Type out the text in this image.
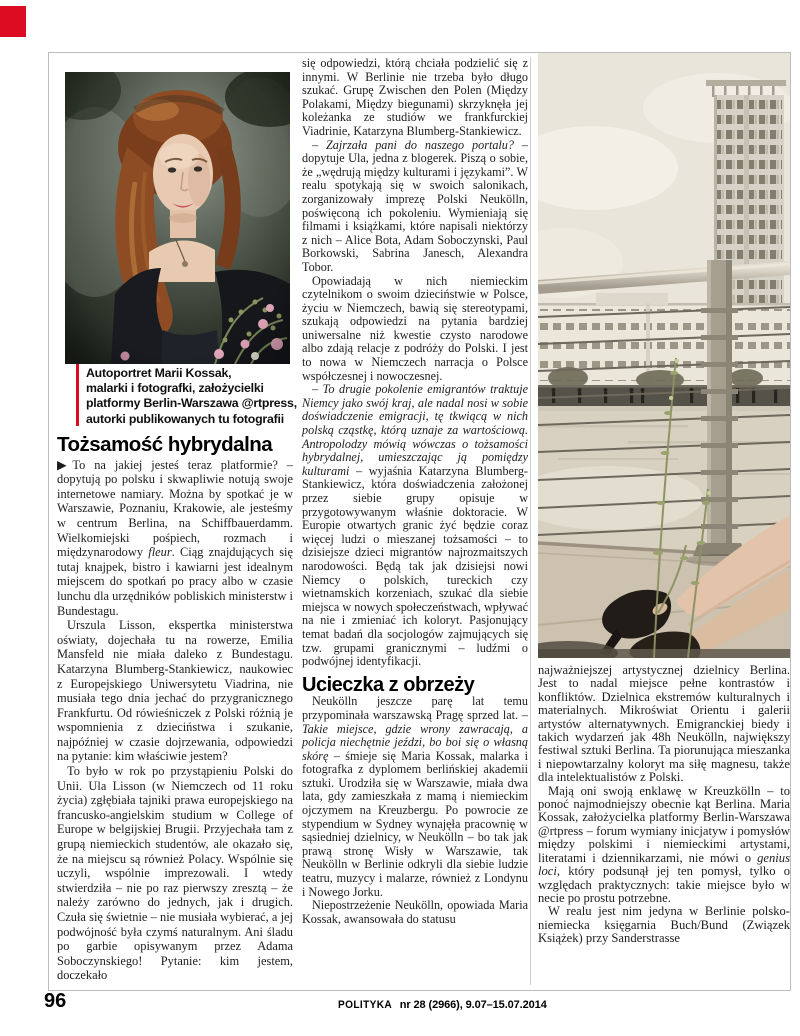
Autoportret Marii Kossak,
malarki i fotografki, założycielki
platformy Berlin-Warszawa @rtpress,
autorki publikowanych tu fotografii
Tożsamość hybrydalna

▶To na jakiej jesteś teraz platformie? – dopytują po polsku i skwapliwie notują swoje internetowe namiary. Można by spotkać je w Warszawie, Poznaniu, Krakowie, ale jesteśmy w centrum Berlina, na Schiffbauerdamm. Wielkomiejski pośpiech, rozmach i międzynarodowy fleur. Ciąg znajdujących się tutaj knajpek, bistro i kawiarni jest idealnym miejscem do spotkań po pracy albo w czasie lunchu dla urzędników pobliskich ministerstw i Bundestagu.

Urszula Lisson, ekspertka ministerstwa oświaty, dojechała tu na rowerze, Emilia Mansfeld nie miała daleko z Bundestagu. Katarzyna Blumberg-Stankiewicz, naukowiec z Europejskiego Uniwersytetu Viadrina, nie musiała tego dnia jechać do przygranicznego Frankfurtu. Od rówieśniczek z Polski różnią je wspomnienia z dzieciństwa i szukanie, najpóźniej w czasie dojrzewania, odpowiedzi na pytanie: kim właściwie jestem?

To było w rok po przystąpieniu Polski do Unii. Ula Lisson (w Niemczech od 11 roku życia) zgłębiała tajniki prawa europejskiego na francusko-angielskim studium w College of Europe w belgijskiej Brugii. Przyjechała tam z grupą niemieckich studentów, ale okazało się, że na miejscu są również Polacy. Wspólnie się uczyli, wspólnie imprezowali. I wtedy stwierdziła – nie po raz pierwszy zresztą – że należy zarówno do jednych, jak i drugich. Czuła się świetnie – nie musiała wybierać, a jej podwójność była czymś naturalnym. Ani śladu po garbie opisywanym przez Adama Soboczynskiego! Pytanie: kim jestem, doczekało

się odpowiedzi, którą chciała podzielić się z innymi. W Berlinie nie trzeba było długo szukać. Grupę Zwischen den Polen (Między Polakami, Między biegunami) skrzyknęła jej koleżanka ze studiów we frankfurckiej Viadrinie, Katarzyna Blumberg-Stankiewicz.

– Zajrzała pani do naszego portalu? – dopytuje Ula, jedna z blogerek. Piszą o sobie, że „wędrują między kulturami i językami”. W realu spotykają się w swoich salonikach, zorganizowały imprezę Polski Neukölln, poświęconą ich pokoleniu. Wymieniają się filmami i książkami, które napisali niektórzy z nich – Alice Bota, Adam Soboczynski, Paul Borkowski, Sabrina Janesch, Alexandra Tobor.

Opowiadają w nich niemieckim czytelnikom o swoim dzieciństwie w Polsce, życiu w Niemczech, bawią się stereotypami, szukają odpowiedzi na pytania bardziej uniwersalne niż kwestie czysto narodowe albo zdają relacje z podróży do Polski. I jest to nowa w Niemczech narracja o Polsce współczesnej i nowoczesnej.

– To drugie pokolenie emigrantów traktuje Niemcy jako swój kraj, ale nadal nosi w sobie doświadczenie emigracji, tę tkwiącą w nich polską cząstkę, którą uznaje za wartościową. Antropolodzy mówią wówczas o tożsamości hybrydalnej, umieszczając ją pomiędzy kulturami – wyjaśnia Katarzyna Blumberg-Stankiewicz, która doświadczenia założonej przez siebie grupy opisuje w przygotowywanym właśnie doktoracie. W Europie otwartych granic żyć będzie coraz więcej ludzi o mieszanej tożsamości – to dzisiejsze dzieci migrantów najrozmaitszych narodowości. Będą tak jak dzisiejsi nowi Niemcy o polskich, tureckich czy wietnamskich korzeniach, szukać dla siebie miejsca w nowych społeczeństwach, wpływać na nie i zmieniać ich koloryt. Pasjonujący temat badań dla socjologów zajmujących się tzw. grupami granicznymi – ludźmi o podwójnej identyfikacji.

Ucieczka z obrzeży

Neukölln jeszcze parę lat temu przypominała warszawską Pragę sprzed lat. – Takie miejsce, gdzie wrony zawracają, a policja niechętnie jeździ, bo boi się o własną skórę – śmieje się Maria Kossak, malarka i fotografka z dyplomem berlińskiej akademii sztuki. Urodziła się w Warszawie, miała dwa lata, gdy zamieszkała z mamą i niemieckim ojczymem na Kreuzbergu. Po powrocie ze stypendium w Sydney wynajęła pracownię w sąsiedniej dzielnicy, w Neukölln – bo tak jak prawą stronę Wisły w Warszawie, tak Neukölln w Berlinie odkryli dla siebie ludzie teatru, muzycy i malarze, również z Londynu i Nowego Jorku.

Niepostrzeżenie Neukölln, opowiada Maria Kossak, awansowała do statusu

najważniejszej artystycznej dzielnicy Berlina. Jest to nadal miejsce pełne kontrastów i konfliktów. Dzielnica ekstremów kulturalnych i materialnych. Mikroświat Orientu i galerii artystów alternatywnych. Emigranckiej biedy i takich wydarzeń jak 48h Neukölln, największy festiwal sztuki Berlina. Ta piorunująca mieszanka i niepowtarzalny koloryt ma siłę magnesu, także dla intelektualistów z Polski.

Mają oni swoją enklawę w Kreuzkölln – to ponoć najmodniejszy obecnie kąt Berlina. Maria Kossak, założycielka platformy Berlin-Warszawa @rtpress – forum wymiany inicjatyw i pomysłów między polskimi i niemieckimi artystami, literatami i dziennikarzami, nie mówi o genius loci, który podsunął jej ten pomysł, tylko o względach praktycznych: takie miejsce było w necie po prostu potrzebne.

W realu jest nim jedyna w Berlinie polsko-niemiecka księgarnia Buch/Bund (Związek Książek) przy Sanderstrasse

96	POLITYKA nr 28 (2966), 9.07–15.07.2014
